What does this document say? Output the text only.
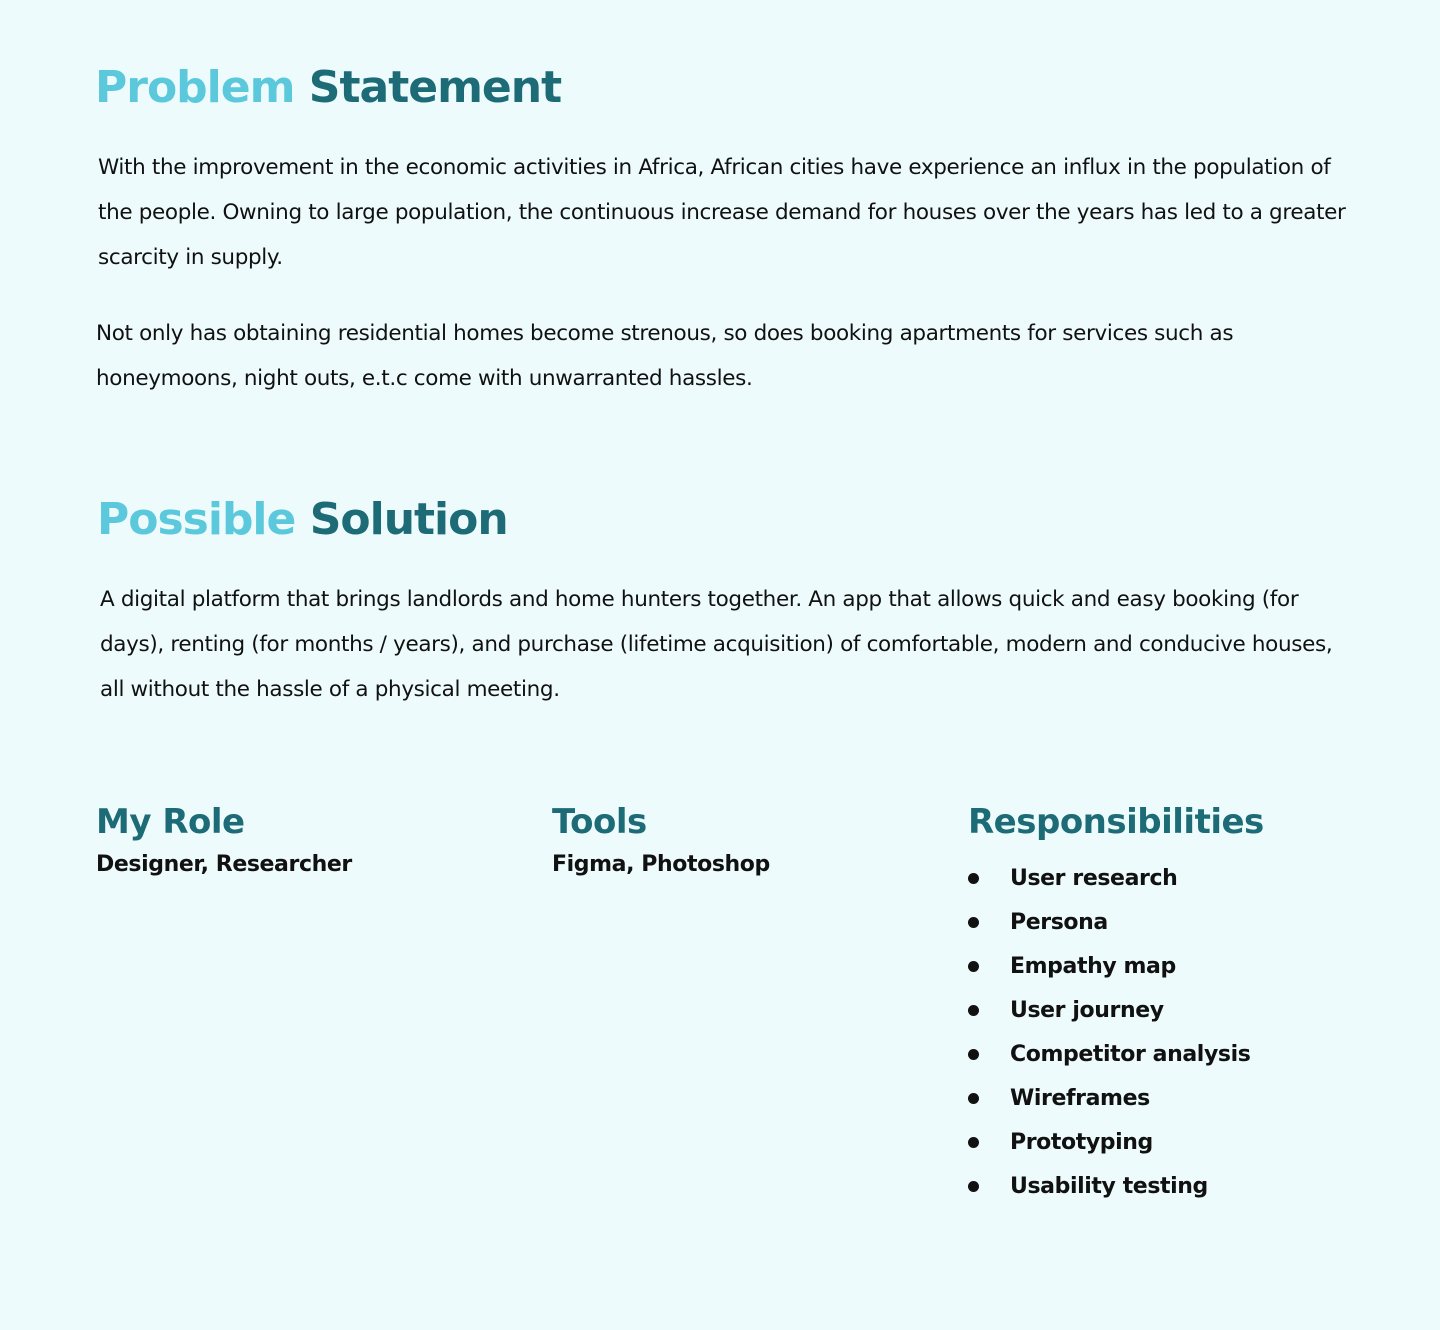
Problem Statement

With the improvement in the economic activities in Africa, African cities have experience an influx in the population of the people. Owning to large population, the continuous increase demand for houses over the years has led to a greater scarcity in supply.

Not only has obtaining residential homes become strenous, so does booking apartments for services such as honeymoons, night outs, e.t.c come with unwarranted hassles.

Possible Solution

A digital platform that brings landlords and home hunters together. An app that allows quick and easy booking (for days), renting (for months / years), and purchase (lifetime acquisition) of comfortable, modern and conducive houses, all without the hassle of a physical meeting.

My Role

Designer, Researcher

Tools

Figma, Photoshop

Responsibilities
User research
Persona
Empathy map
User journey
Competitor analysis
Wireframes
Prototyping
Usability testing
